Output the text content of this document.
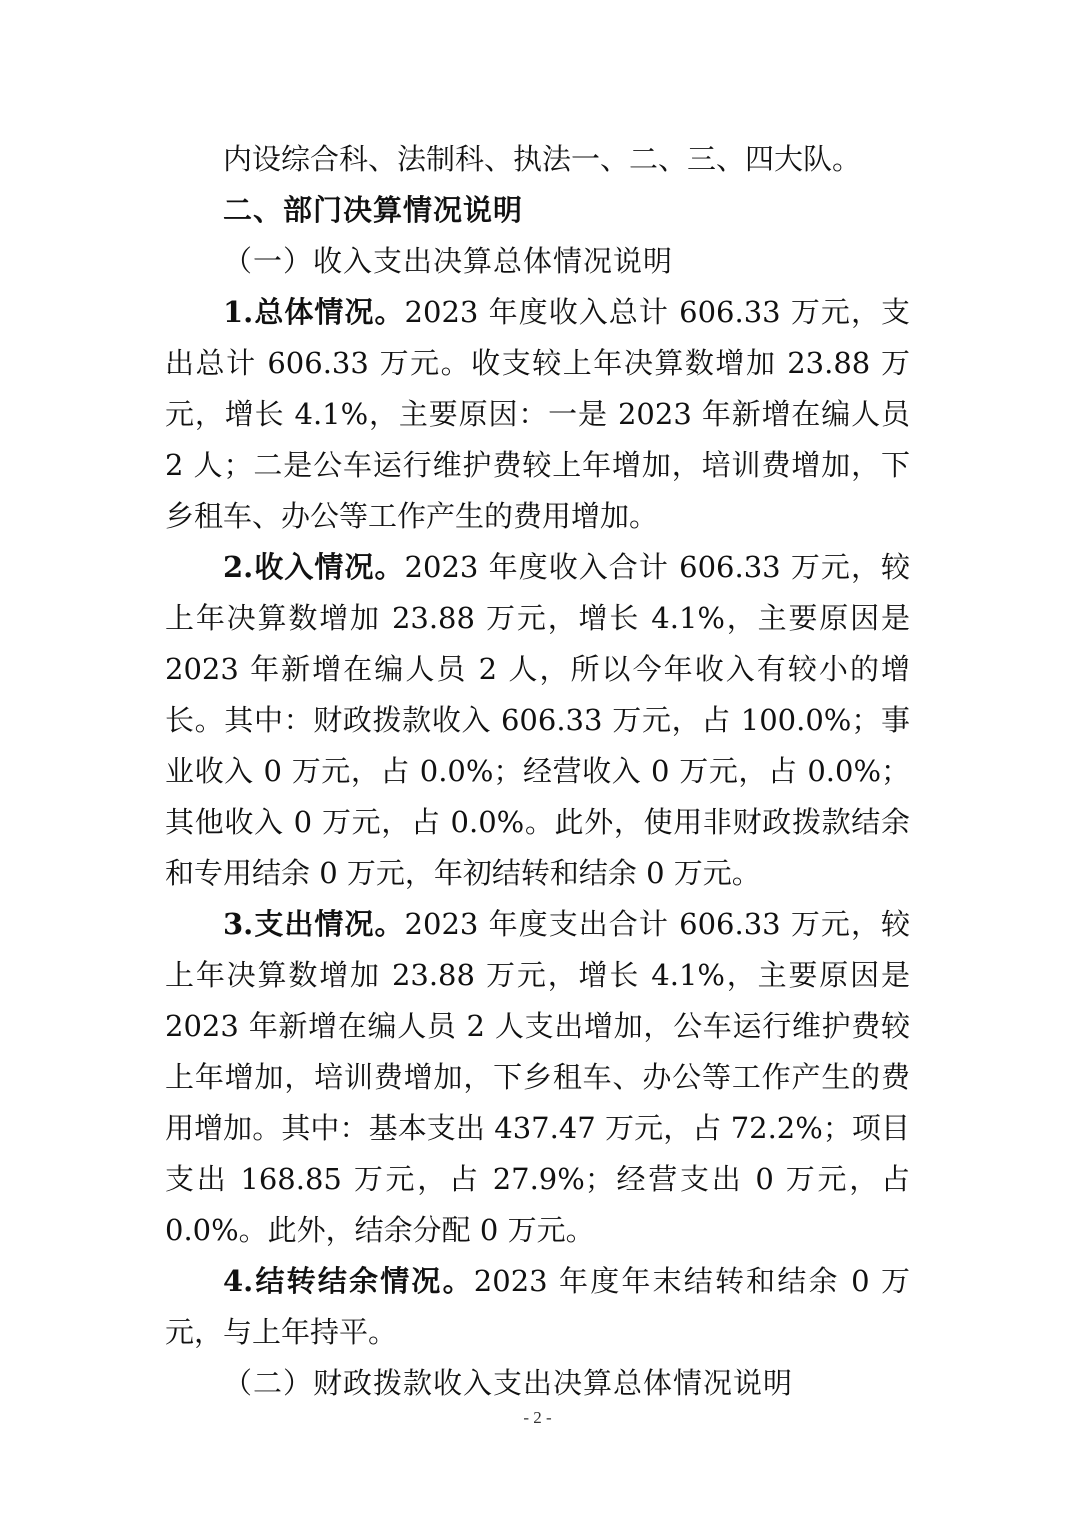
内设综合科、法制科、执法一、二、三、四大队。

二、部门决算情况说明

（一）收入支出决算总体情况说明

1.总体情况。2023 年度收入总计 606.33 万元，支出总计 606.33 万元。收支较上年决算数增加 23.88 万元，增长 4.1%，主要原因：一是 2023 年新增在编人员 2 人；二是公车运行维护费较上年增加，培训费增加，下乡租车、办公等工作产生的费用增加。

2.收入情况。2023 年度收入合计 606.33 万元，较上年决算数增加 23.88 万元，增长 4.1%，主要原因是 2023 年新增在编人员 2 人，所以今年收入有较小的增长。其中：财政拨款收入 606.33 万元，占 100.0%；事业收入 0 万元，占 0.0%；经营收入 0 万元，占 0.0%；其他收入 0 万元，占 0.0%。此外，使用非财政拨款结余和专用结余 0 万元，年初结转和结余 0 万元。

3.支出情况。2023 年度支出合计 606.33 万元，较上年决算数增加 23.88 万元，增长 4.1%，主要原因是 2023 年新增在编人员 2 人支出增加，公车运行维护费较上年增加，培训费增加，下乡租车、办公等工作产生的费用增加。其中：基本支出 437.47 万元，占 72.2%；项目支出 168.85 万元，占 27.9%；经营支出 0 万元，占 0.0%。此外，结余分配 0 万元。

4.结转结余情况。2023 年度年末结转和结余 0 万元，与上年持平。

（二）财政拨款收入支出决算总体情况说明

- 2 -
